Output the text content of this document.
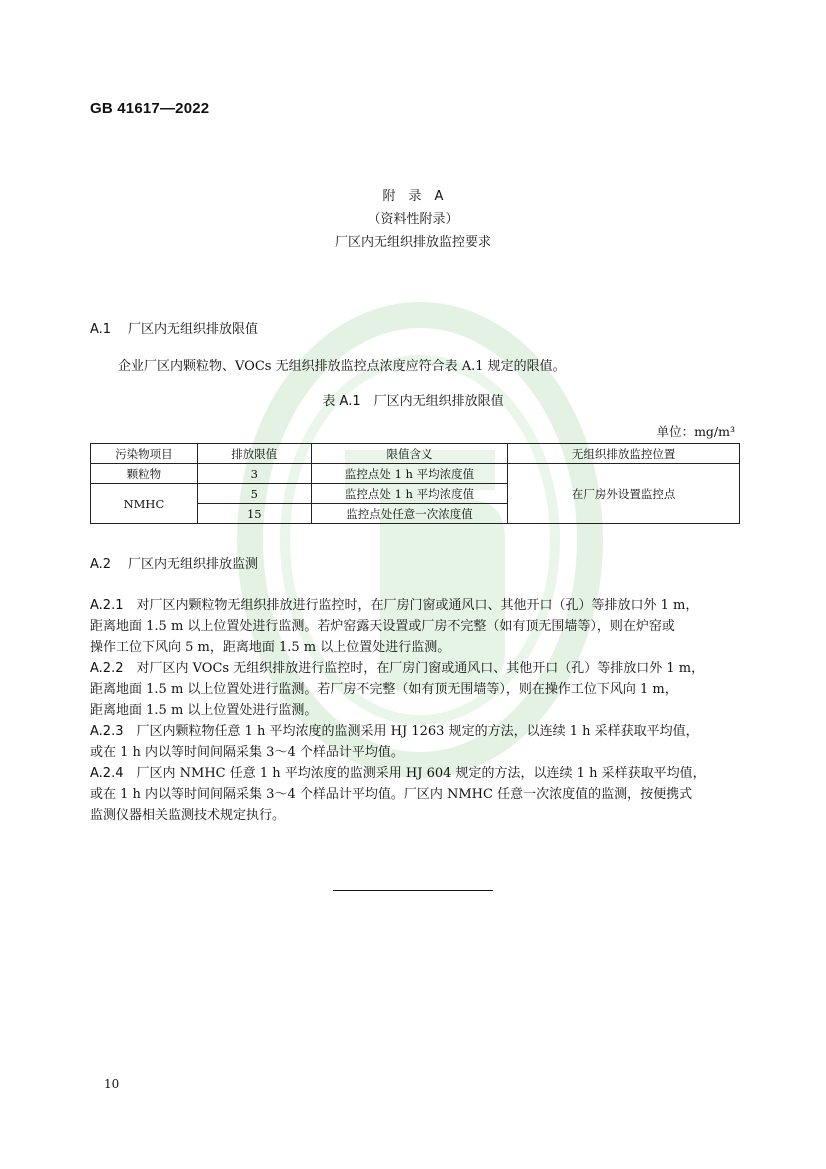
GB 41617—2022
附　录　A
（资料性附录）
厂区内无组织排放监控要求
A.1 厂区内无组织排放限值
企业厂区内颗粒物、VOCs 无组织排放监控点浓度应符合表 A.1 规定的限值。
表 A.1　厂区内无组织排放限值
单位：mg/m³
污染物项目	排放限值	限值含义	无组织排放监控位置
颗粒物	3	监控点处 1 h 平均浓度值	在厂房外设置监控点
NMHC	5	监控点处 1 h 平均浓度值	
	15	监控点处任意一次浓度值	
A.2 厂区内无组织排放监测
A.2.1　 对厂区内颗粒物无组织排放进行监控时，在厂房门窗或通风口、其他开口（孔）等排放口外 1 m，
距离地面 1.5 m 以上位置处进行监测。若炉窑露天设置或厂房不完整（如有顶无围墙等），则在炉窑或
操作工位下风向 5 m，距离地面 1.5 m 以上位置处进行监测。
A.2.2　 对厂区内 VOCs 无组织排放进行监控时，在厂房门窗或通风口、其他开口（孔）等排放口外 1 m，
距离地面 1.5 m 以上位置处进行监测。若厂房不完整（如有顶无围墙等），则在操作工位下风向 1 m，
距离地面 1.5 m 以上位置处进行监测。
A.2.3　 厂区内颗粒物任意 1 h 平均浓度的监测采用 HJ 1263 规定的方法，以连续 1 h 采样获取平均值，
或在 1 h 内以等时间间隔采集 3～4 个样品计平均值。
A.2.4　 厂区内 NMHC 任意 1 h 平均浓度的监测采用 HJ 604 规定的方法，以连续 1 h 采样获取平均值，
或在 1 h 内以等时间间隔采集 3～4 个样品计平均值。厂区内 NMHC 任意一次浓度值的监测，按便携式
监测仪器相关监测技术规定执行。
10
